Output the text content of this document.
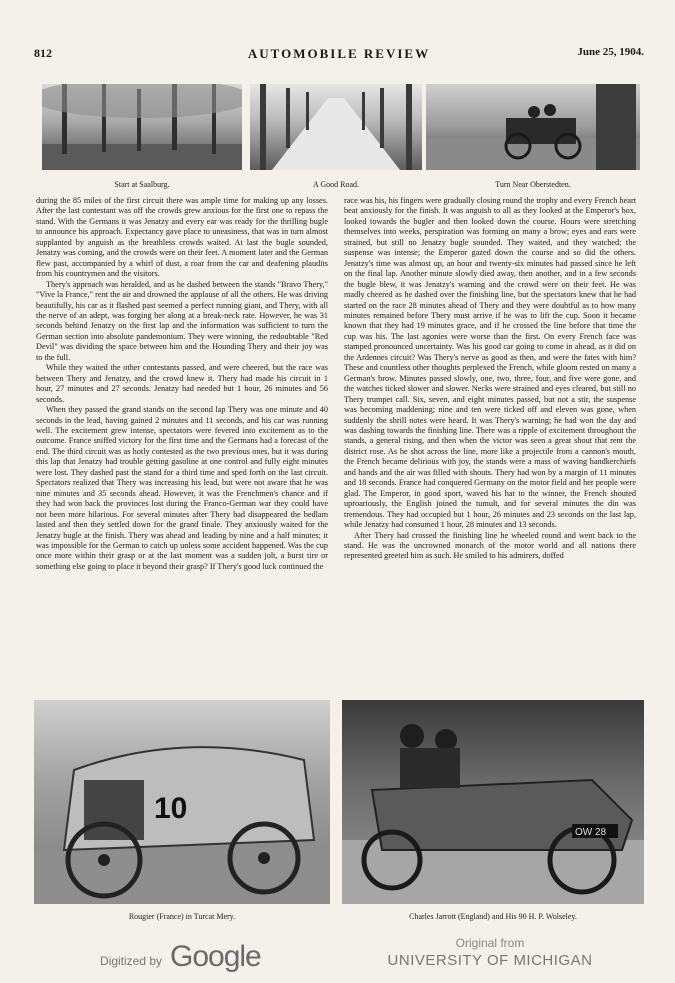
812	AUTOMOBILE REVIEW	June 25, 1904.
Start at Saalburg.	A Good Road.	Turn Near Oberstedten.

during the 85 miles of the first circuit there was ample time for making up any losses. After the last contestant was off the crowds grew anxious for the first one to repass the stand. With the Germans it was Jenatzy and every ear was ready for the thrilling bugle to announce his approach. Expectancy gave place to uneasiness, that was in turn almost supplanted by anguish as the breathless crowds waited. At last the bugle sounded, Jenatzy was coming, and the crowds were on their feet. A moment later and the German flew past, accompanied by a whirl of dust, a roar from the car and deafening plaudits from his countrymen and the visitors.

Thery's approach was heralded, and as he dashed between the stands "Bravo Thery," "Vive la France," rent the air and drowned the applause of all the others. He was driving beautifully, his car as it flashed past seemed a perfect running giant, and Thery, with all the nerve of an adept, was forging her along at a break-neck rate. However, he was 31 seconds behind Jenatzy on the first lap and the information was sufficient to turn the German section into absolute pandemonium. They were winning, the redoubtable "Red Devil" was dividing the space between him and the Hounding Thery and their joy was to the full.

While they waited the other contestants passed, and were cheered, but the race was between Thery and Jenatzy, and the crowd knew it. Thery had made his circuit in 1 hour, 27 minutes and 27 seconds. Jenatzy had needed but 1 hour, 26 minutes and 56 seconds.

When they passed the grand stands on the second lap Thery was one minute and 40 seconds in the lead, having gained 2 minutes and 11 seconds, and his car was running well. The excitement grew intense, spectators were fevered into excitement as to the outcome. France sniffed victory for the first time and the Germans had a forecast of the end. The third circuit was as hotly contested as the two previous ones, but it was during this lap that Jenatzy had trouble getting gasoline at one control and fully eight minutes were lost. They dashed past the stand for a third time and sped forth on the last circuit. Spectators realized that Thery was increasing his lead, but were not aware that he was nine minutes and 35 seconds ahead. However, it was the Frenchmen's chance and if they had won back the provinces lost during the Franco-German war they could have not been more hilarious. For several minutes after Thery had disappeared the bedlam lasted and then they settled down for the grand finale. They anxiously waited for the Jenatzy bugle at the finish. Thery was ahead and leading by nine and a half minutes; it was impossible for the German to catch up unless some accident happened. Was the cup once more within their grasp or at the last moment was a sudden jolt, a burst tire or something else going to place it beyond their grasp? If Thery's good luck continued the

race was his, his fingers were gradually closing round the trophy and every French heart beat anxiously for the finish. It was anguish to all as they looked at the Emperor's box, looked towards the bugler and then looked down the course. Hours were stretching themselves into weeks, perspiration was forming on many a brow; eyes and ears were strained, but still no Jenatzy bugle sounded. They waited, and they watched; the suspense was intense; the Emperor gazed down the course and so did the others. Jenatzy's time was almost up, an hour and twenty-six minutes had passed since he left on the final lap. Another minute slowly died away, then another, and in a few seconds the bugle blew, it was Jenatzy's warning and the crowd were on their feet. He was madly cheered as he dashed over the finishing line, but the spectators knew that he had started on the race 28 minutes ahead of Thery and they were doubtful as to how many minutes remained before Thery must arrive if he was to lift the cup. Soon it became known that they had 19 minutes grace, and if he crossed the line before that time the cup was his. The last agonies were worse than the first. On every French face was stamped pronounced uncertainty. Was his good car going to come in ahead, as it did on the Ardennes circuit? Was Thery's nerve as good as then, and were the fates with him? These and countless other thoughts perplexed the French, while gloom rested on many a German's brow. Minutes passed slowly, one, two, three, four, and five were gone, and the watches ticked slower and slower. Necks were strained and eyes cleared, but still no Thery trumpet call. Six, seven, and eight minutes passed, but not a stir, the suspense was becoming maddening; nine and ten were ticked off and eleven was gone, when suddenly the shrill notes were heard. It was Thery's warning; he had won the day and was dashing towards the finishing line. There was a ripple of excitement throughout the stands, a general rising, and then when the victor was seen a great shout that rent the district rose. As he shot across the line, more like a projectile from a cannon's mouth, the French became delirious with joy, the stands were a mass of waving handkerchiefs and hands and the air was filled with shouts. Thery had won by a margin of 11 minutes and 18 seconds. France had conquered Germany on the motor field and her people were glad. The Emperor, in good sport, waved his hat to the winner, the French shouted uproariously, the English joined the tumult, and for several minutes the din was tremendous. They had occupied but 1 hour, 26 minutes and 23 seconds on the last lap, while Jenatzy had consumed 1 hour, 28 minutes and 13 seconds.

After Thery had crossed the finishing line he wheeled round and went back to the stand. He was the uncrowned monarch of the motor world and all nations there represented greeted him as such. He smiled to his admirers, doffed

10
OW 28
Rougier (France) in Turcat Mery.	Charles Jarrott (England) and His 90 H. P. Wolseley.
Digitized by Google	Original from
UNIVERSITY OF MICHIGAN
